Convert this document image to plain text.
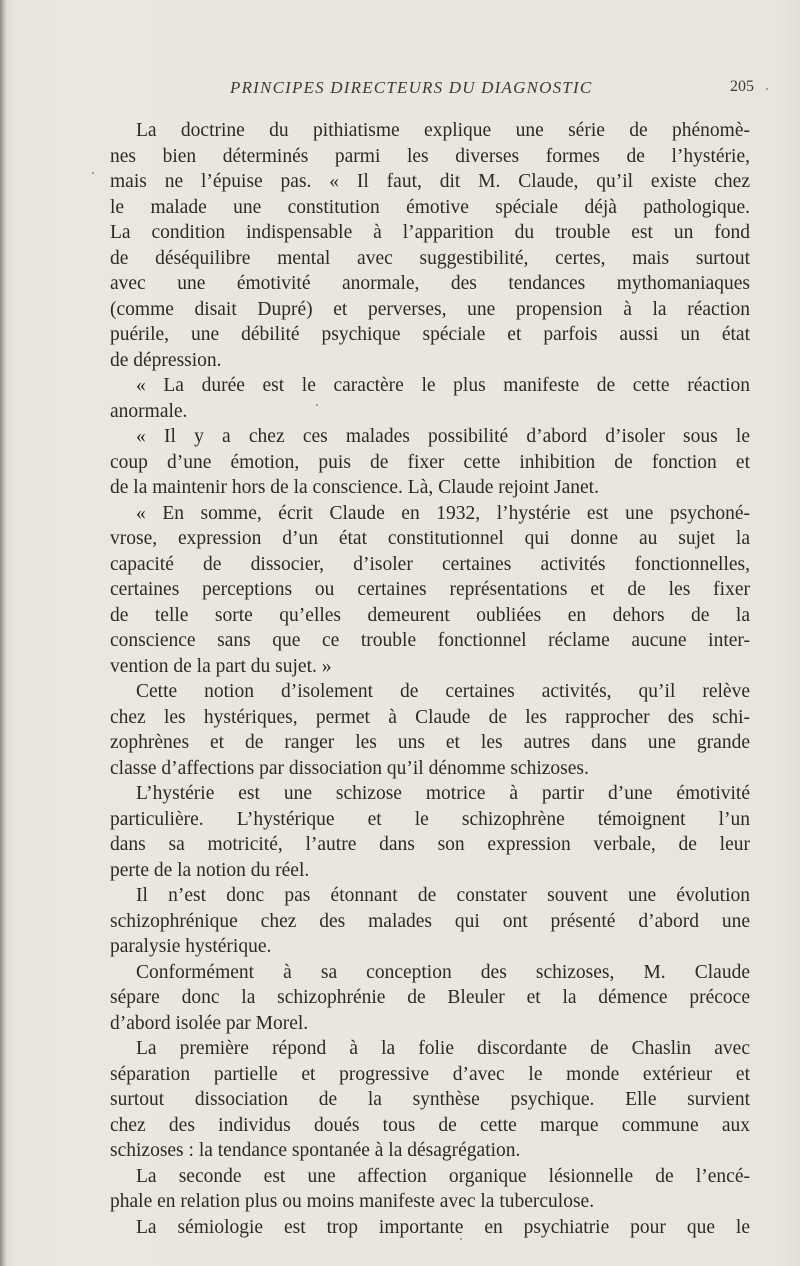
PRINCIPES DIRECTEURS DU DIAGNOSTIC	205
La doctrine du pithiatisme explique une série de phénomè-
nes bien déterminés parmi les diverses formes de l’hystérie,
mais ne l’épuise pas. « Il faut, dit M. Claude, qu’il existe chez
le malade une constitution émotive spéciale déjà pathologique.
La condition indispensable à l’apparition du trouble est un fond
de déséquilibre mental avec suggestibilité, certes, mais surtout
avec une émotivité anormale, des tendances mythomaniaques
(comme disait Dupré) et perverses, une propension à la réaction
puérile, une débilité psychique spéciale et parfois aussi un état
de dépression.
« La durée est le caractère le plus manifeste de cette réaction
anormale.
« Il y a chez ces malades possibilité d’abord d’isoler sous le
coup d’une émotion, puis de fixer cette inhibition de fonction et
de la maintenir hors de la conscience. Là, Claude rejoint Janet.
« En somme, écrit Claude en 1932, l’hystérie est une psychoné-
vrose, expression d’un état constitutionnel qui donne au sujet la
capacité de dissocier, d’isoler certaines activités fonctionnelles,
certaines perceptions ou certaines représentations et de les fixer
de telle sorte qu’elles demeurent oubliées en dehors de la
conscience sans que ce trouble fonctionnel réclame aucune inter-
vention de la part du sujet. »
Cette notion d’isolement de certaines activités, qu’il relève
chez les hystériques, permet à Claude de les rapprocher des schi-
zophrènes et de ranger les uns et les autres dans une grande
classe d’affections par dissociation qu’il dénomme schizoses.
L’hystérie est une schizose motrice à partir d’une émotivité
particulière. L’hystérique et le schizophrène témoignent l’un
dans sa motricité, l’autre dans son expression verbale, de leur
perte de la notion du réel.
Il n’est donc pas étonnant de constater souvent une évolution
schizophrénique chez des malades qui ont présenté d’abord une
paralysie hystérique.
Conformément à sa conception des schizoses, M. Claude
sépare donc la schizophrénie de Bleuler et la démence précoce
d’abord isolée par Morel.
La première répond à la folie discordante de Chaslin avec
séparation partielle et progressive d’avec le monde extérieur et
surtout dissociation de la synthèse psychique. Elle survient
chez des individus doués tous de cette marque commune aux
schizoses : la tendance spontanée à la désagrégation.
La seconde est une affection organique lésionnelle de l’encé-
phale en relation plus ou moins manifeste avec la tuberculose.
La sémiologie est trop importante en psychiatrie pour que le
